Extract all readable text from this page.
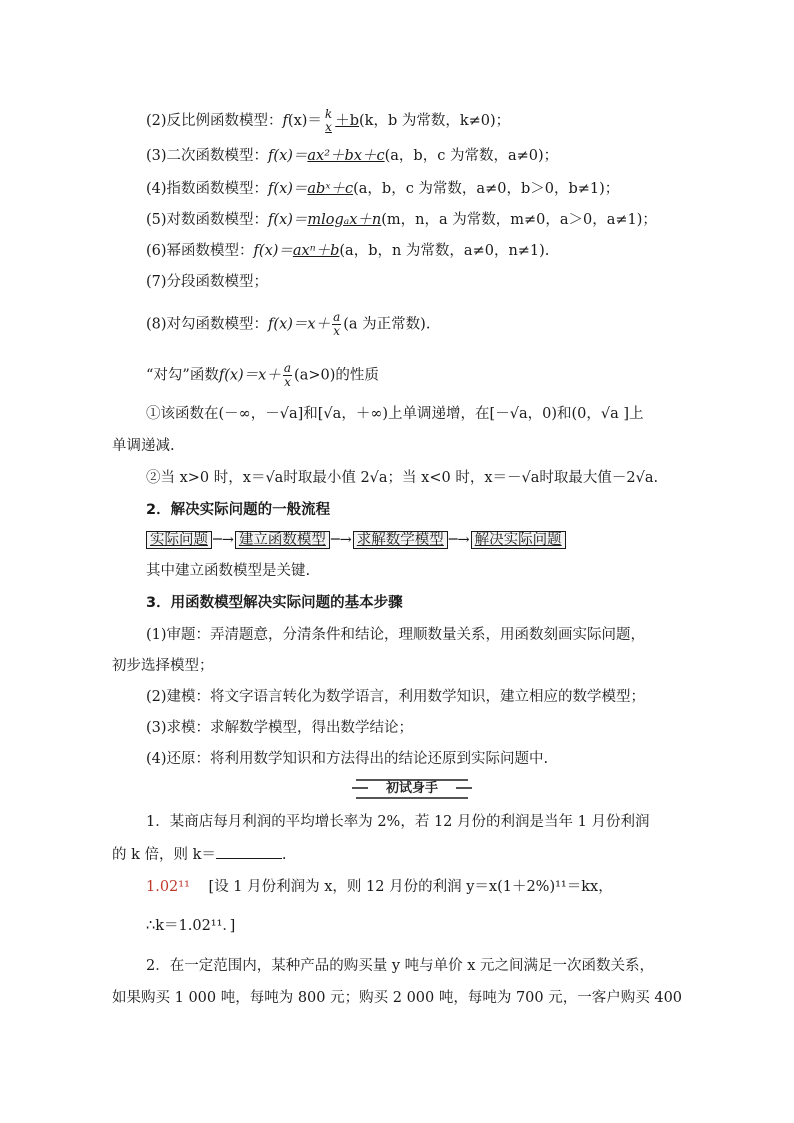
(2)反比例函数模型：f(x)＝ k
x ＋b(k，b 为常数，k≠0)；
(3)二次函数模型：f(x)＝ax²＋bx＋c(a，b，c 为常数，a≠0)；
(4)指数函数模型：f(x)＝abˣ＋c(a，b，c 为常数，a≠0，b＞0，b≠1)；
(5)对数函数模型：f(x)＝mlogₐx＋n(m，n，a 为常数，m≠0，a＞0，a≠1)；
(6)幂函数模型：f(x)＝axⁿ＋b(a，b，n 为常数，a≠0，n≠1).
(7)分段函数模型；
(8)对勾函数模型：$f(x)=x+ \frac{a}{x} (a$ 为正常数).
“对勾”函数$f(x)=x+ \frac{a}{x} (a>0)$的性质
①该函数在(－∞，－√a]和[√a，＋∞)上单调递增，在[－√a，0)和(0，√a ]上
单调递减.
②当 x>0 时，x＝√a时取最小值 2√a；当 x<0 时，x＝－√a时取最大值－2√a.
2．解决实际问题的一般流程
实际问题 ─→ 建立函数模型 ─→ 求解数学模型 ─→ 解决实际问题
其中建立函数模型是关键.
3．用函数模型解决实际问题的基本步骤
(1)审题：弄清题意，分清条件和结论，理顺数量关系，用函数刻画实际问题，
初步选择模型；
(2)建模：将文字语言转化为数学语言，利用数学知识，建立相应的数学模型；
(3)求模：求解数学模型，得出数学结论；
(4)还原：将利用数学知识和方法得出的结论还原到实际问题中.
初试身手
1．某商店每月利润的平均增长率为 2%，若 12 月份的利润是当年 1 月份利润
的 k 倍，则 k＝	.
1.02¹¹ [设 1 月份利润为 x，则 12 月份的利润 y＝x(1＋2%)¹¹＝kx，
∴k＝1.02¹¹．]
2．在一定范围内，某种产品的购买量 y 吨与单价 x 元之间满足一次函数关系，
如果购买 1 000 吨，每吨为 800 元；购买 2 000 吨，每吨为 700 元，一客户购买 400
